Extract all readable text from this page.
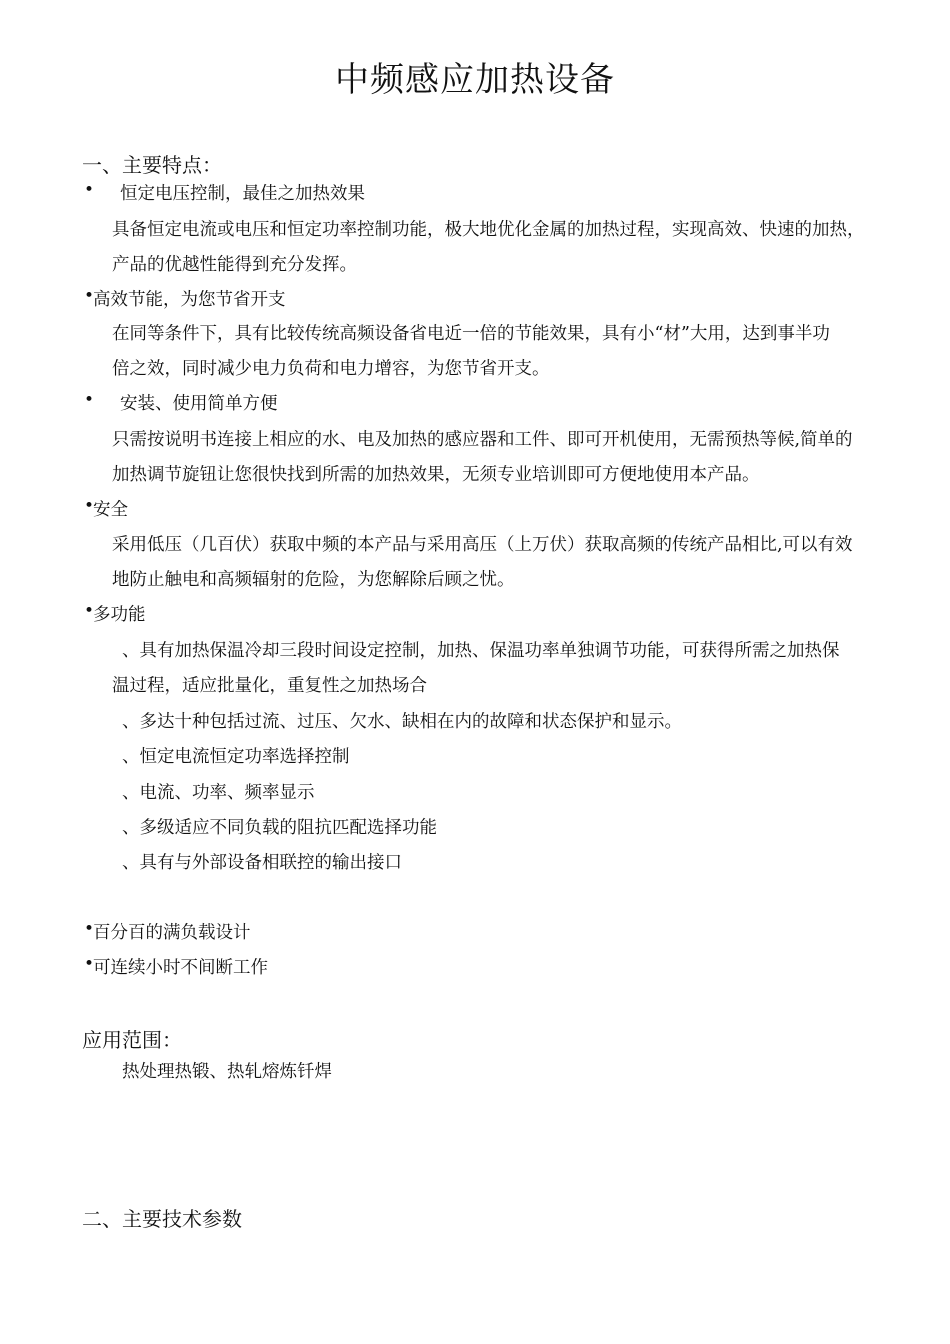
中频感应加热设备
一、主要特点：
• 恒定电压控制，最佳之加热效果
具备恒定电流或电压和恒定功率控制功能，极大地优化金属的加热过程，实现高效、快速的加热，
产品的优越性能得到充分发挥。
•
高效节能，为您节省开支
在同等条件下，具有比较传统高频设备省电近一倍的节能效果，具有小“材”大用，达到事半功
倍之效，同时减少电力负荷和电力增容，为您节省开支。
• 安装、使用简单方便
只需按说明书连接上相应的水、电及加热的感应器和工件、即可开机使用，无需预热等候,简单的
加热调节旋钮让您很快找到所需的加热效果，无须专业培训即可方便地使用本产品。
•
安全
采用低压（几百伏）获取中频的本产品与采用高压（上万伏）获取高频的传统产品相比,可以有效
地防止触电和高频辐射的危险，为您解除后顾之忧。
•
多功能
、具有加热保温冷却三段时间设定控制，加热、保温功率单独调节功能，可获得所需之加热保
温过程，适应批量化，重复性之加热场合
、多达十种包括过流、过压、欠水、缺相在内的故障和状态保护和显示。
、恒定电流恒定功率选择控制
、电流、功率、频率显示
、多级适应不同负载的阻抗匹配选择功能
、具有与外部设备相联控的输出接口
•
百分百的满负载设计
•
可连续小时不间断工作
应用范围：
热处理热锻、热轧熔炼钎焊
二、主要技术参数
